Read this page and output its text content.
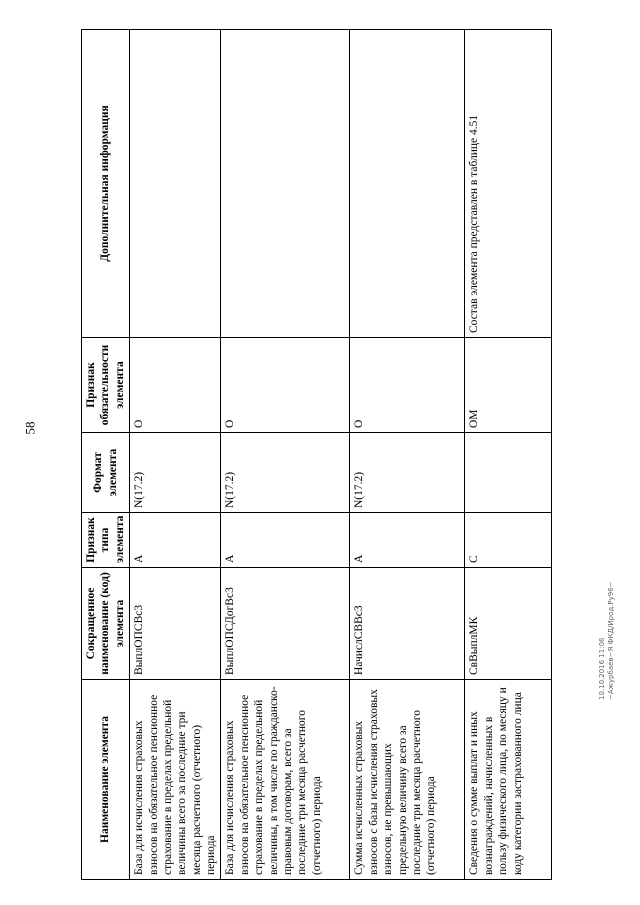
58
Наименование элемента	Сокращенное наименование (код) элемента	Признак типа элемента	Формат элемента	Признак обязательности элемента	Дополнительная информация
База для исчисления страховых взносов на обязательное пенсионное страхование в пределах предельной величины всего за последние три месяца расчетного (отчетного) периода	ВыплОПСВс3	А	N(17.2)	О	
База для исчисления страховых взносов на обязательное пенсионное страхование в пределах предельной величины, в том числе по гражданско-правовым договорам, всего за последние три месяца расчетного (отчетного) периода	ВыплОПСДогВс3	А	N(17.2)	О	
Сумма исчисленных страховых взносов с базы исчисления страховых взносов, не превышающих предельную величину всего за последние три месяца расчетного (отчетного) периода	НачислСВВс3	А	N(17.2)	О	
Сведения о сумме выплат и иных вознаграждений, начисленных в пользу физического лица, по месяцу и коду категории застрахованного лица	СвВыплМК	С		ОМ	Состав элемента представлен в таблице 4.51
10.10.2016 11:06 ~Ажурбаев~Я ФКД/Ирод.Ру96~
